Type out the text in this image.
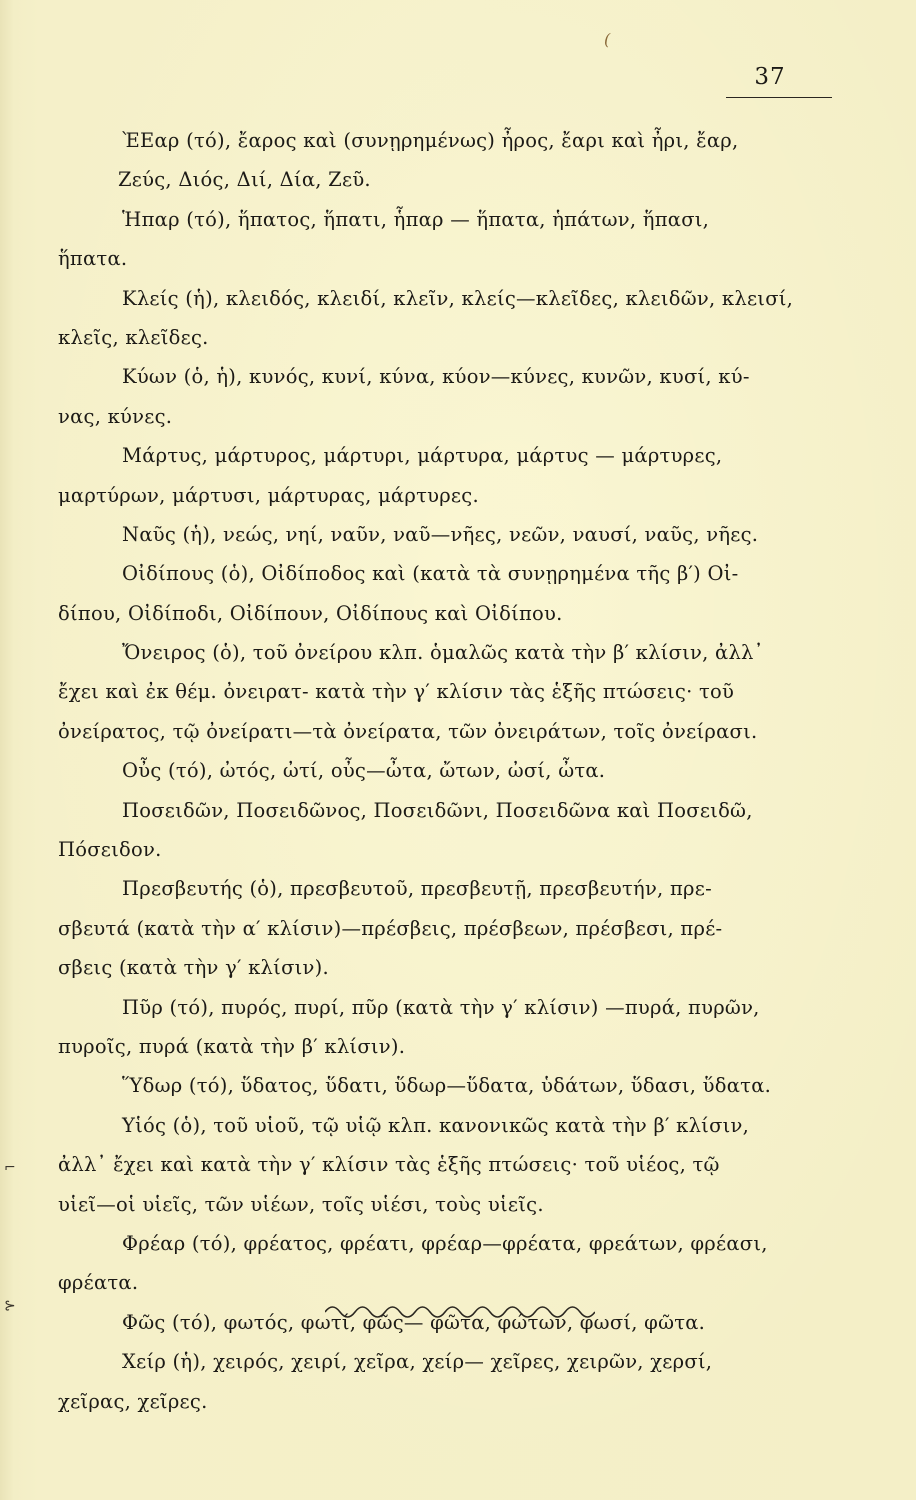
(
37
ῈΕαρ (τό), ἔαρος καὶ (συνῃρημένως) ἦρος, ἔαρι καὶ ἦρι, ἔαρ,
Ζεύς, Διός, Διί, Δία, Ζεῦ.
Ἡπαρ (τό), ἥπατος, ἥπατι, ἧπαρ — ἥπατα, ἡπάτων, ἥπασι,
ἥπατα.
Κλείς (ἡ), κλειδός, κλειδί, κλεῖν, κλείς—κλεῖδες, κλειδῶν, κλεισί,
κλεῖς, κλεῖδες.
Κύων (ὁ, ἡ), κυνός, κυνί, κύνα, κύον—κύνες, κυνῶν, κυσί, κύ-
νας, κύνες.
Μάρτυς, μάρτυρος, μάρτυρι, μάρτυρα, μάρτυς — μάρτυρες,
μαρτύρων, μάρτυσι, μάρτυρας, μάρτυρες.
Ναῦς (ἡ), νεώς, νηί, ναῦν, ναῦ—νῆες, νεῶν, ναυσί, ναῦς, νῆες.
Οἰδίπους (ὁ), Οἰδίποδος καὶ (κατὰ τὰ συνῃρημένα τῆς β′) Οἰ-
δίπου, Οἰδίποδι, Οἰδίπουν, Οἰδίπους καὶ Οἰδίπου.
Ὄνειρος (ὁ), τοῦ ὀνείρου κλπ. ὁμαλῶς κατὰ τὴν β′ κλίσιν, ἀλλ᾽
ἔχει καὶ ἐκ θέμ. ὀνειρατ- κατὰ τὴν γ′ κλίσιν τὰς ἑξῆς πτώσεις· τοῦ
ὀνείρατος, τῷ ὀνείρατι—τὰ ὀνείρατα, τῶν ὀνειράτων, τοῖς ὀνείρασι.
Οὖς (τό), ὠτός, ὠτί, οὖς—ὦτα, ὤτων, ὠσί, ὦτα.
Ποσειδῶν, Ποσειδῶνος, Ποσειδῶνι, Ποσειδῶνα καὶ Ποσειδῶ,
Πόσειδον.
Πρεσβευτής (ὁ), πρεσβευτοῦ, πρεσβευτῇ, πρεσβευτήν, πρε-
σβευτά (κατὰ τὴν α′ κλίσιν)—πρέσβεις, πρέσβεων, πρέσβεσι, πρέ-
σβεις (κατὰ τὴν γ′ κλίσιν).
Πῦρ (τό), πυρός, πυρί, πῦρ (κατὰ τὴν γ′ κλίσιν) —πυρά, πυρῶν,
πυροῖς, πυρά (κατὰ τὴν β′ κλίσιν).
Ὕδωρ (τό), ὕδατος, ὕδατι, ὕδωρ—ὕδατα, ὑδάτων, ὕδασι, ὕδατα.
Υἱός (ὁ), τοῦ υἱοῦ, τῷ υἱῷ κλπ. κανονικῶς κατὰ τὴν β′ κλίσιν,
ἀλλ᾽ ἔχει καὶ κατὰ τὴν γ′ κλίσιν τὰς ἑξῆς πτώσεις· τοῦ υἱέος, τῷ
υἱεῖ—οἱ υἱεῖς, τῶν υἱέων, τοῖς υἱέσι, τοὺς υἱεῖς.
Φρέαρ (τό), φρέατος, φρέατι, φρέαρ—φρέατα, φρεάτων, φρέασι,
φρέατα.
Φῶς (τό), φωτός, φωτί, φῶς— φῶτα, φώτων, φωσί, φῶτα.
Χείρ (ἡ), χειρός, χειρί, χεῖρα, χείρ— χεῖρες, χειρῶν, χερσί,
χεῖρας, χεῖρες.
⌐
⊱
